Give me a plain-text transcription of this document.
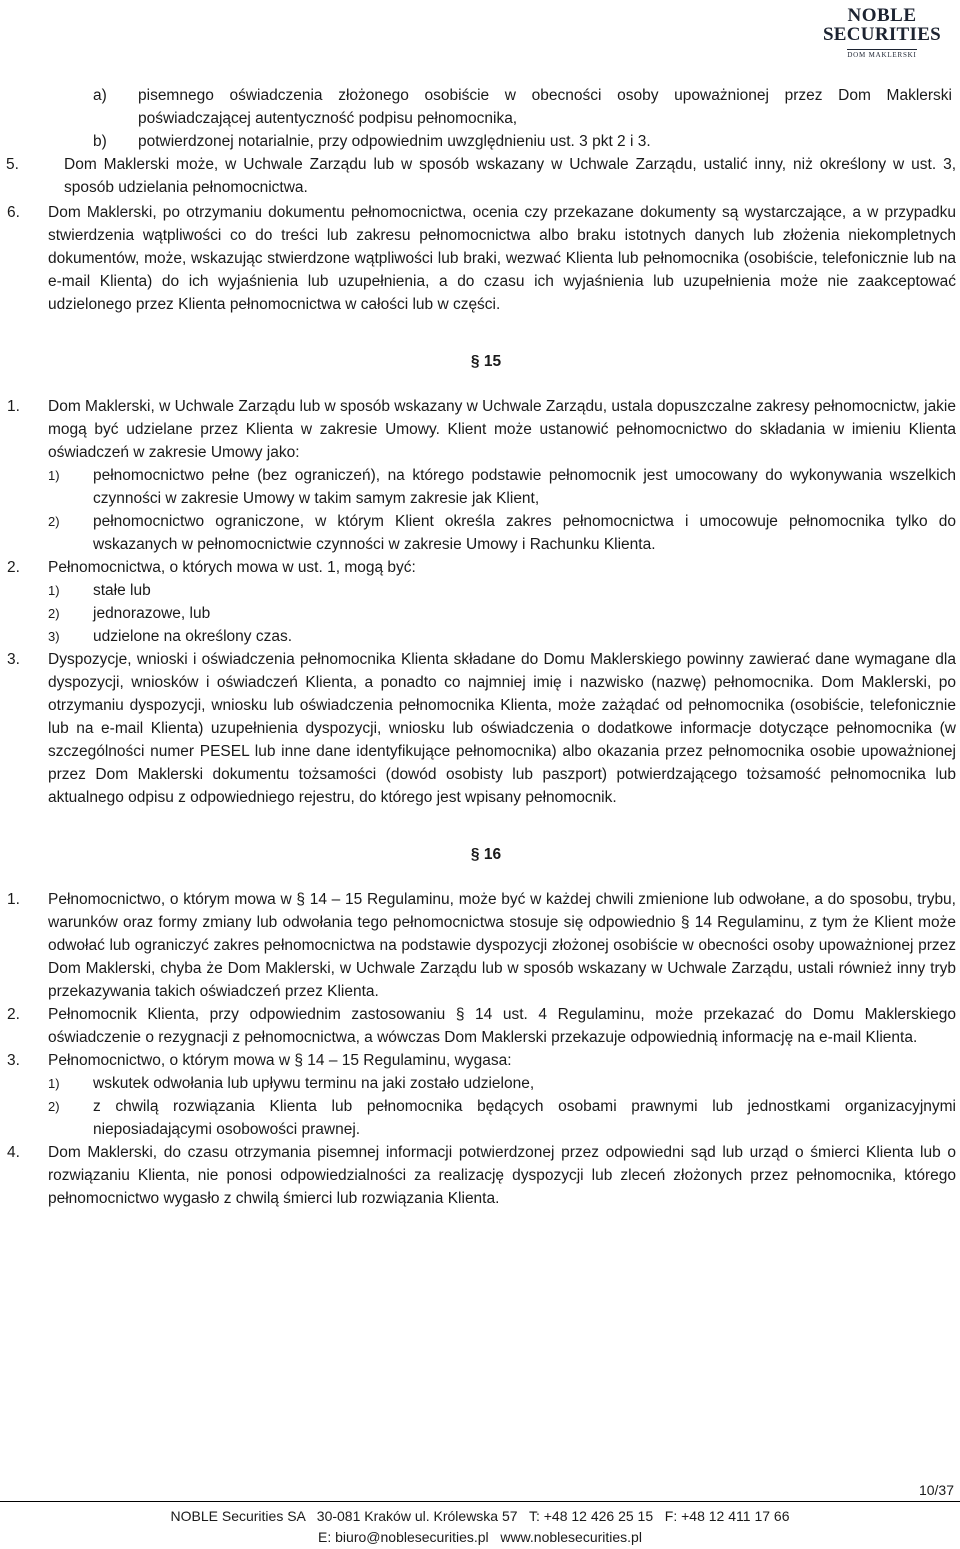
NOBLE
SECURITIES
DOM MAKLERSKI
a) pisemnego oświadczenia złożonego osobiście w obecności osoby upoważnionej przez Dom Maklerski poświadczającej autentyczność podpisu pełnomocnika,
b) potwierdzonej notarialnie, przy odpowiednim uwzględnieniu ust. 3 pkt 2 i 3.
5.	Dom Maklerski może, w Uchwale Zarządu lub w sposób wskazany w Uchwale Zarządu, ustalić inny, niż określony w ust. 3, sposób udzielania pełnomocnictwa.
6. Dom Maklerski, po otrzymaniu dokumentu pełnomocnictwa, ocenia czy przekazane dokumenty są wystarczające, a w przypadku stwierdzenia wątpliwości co do treści lub zakresu pełnomocnictwa albo braku istotnych danych lub złożenia niekompletnych dokumentów, może, wskazując stwierdzone wątpliwości lub braki, wezwać Klienta lub pełnomocnika (osobiście, telefonicznie lub na e-mail Klienta) do ich wyjaśnienia lub uzupełnienia, a do czasu ich wyjaśnienia lub uzupełnienia może nie zaakceptować udzielonego przez Klienta pełnomocnictwa w całości lub w części.
§ 15
1. Dom Maklerski, w Uchwale Zarządu lub w sposób wskazany w Uchwale Zarządu, ustala dopuszczalne zakresy pełnomocnictw, jakie mogą być udzielane przez Klienta w zakresie Umowy. Klient może ustanowić pełnomocnictwo do składania w imieniu Klienta oświadczeń w zakresie Umowy jako:
1) pełnomocnictwo pełne (bez ograniczeń), na którego podstawie pełnomocnik jest umocowany do wykonywania wszelkich czynności w zakresie Umowy w takim samym zakresie jak Klient,
2) pełnomocnictwo ograniczone, w którym Klient określa zakres pełnomocnictwa i umocowuje pełnomocnika tylko do wskazanych w pełnomocnictwie czynności w zakresie Umowy i Rachunku Klienta.
2. Pełnomocnictwa, o których mowa w ust. 1, mogą być:
1) stałe lub
2) jednorazowe, lub
3) udzielone na określony czas.
3. Dyspozycje, wnioski i oświadczenia pełnomocnika Klienta składane do Domu Maklerskiego powinny zawierać dane wymagane dla dyspozycji, wniosków i oświadczeń Klienta, a ponadto co najmniej imię i nazwisko (nazwę) pełnomocnika. Dom Maklerski, po otrzymaniu dyspozycji, wniosku lub oświadczenia pełnomocnika Klienta, może zażądać od pełnomocnika (osobiście, telefonicznie lub na e-mail Klienta) uzupełnienia dyspozycji, wniosku lub oświadczenia o dodatkowe informacje dotyczące pełnomocnika (w szczególności numer PESEL lub inne dane identyfikujące pełnomocnika) albo okazania przez pełnomocnika osobie upoważnionej przez Dom Maklerski dokumentu tożsamości (dowód osobisty lub paszport) potwierdzającego tożsamość pełnomocnika lub aktualnego odpisu z odpowiedniego rejestru, do którego jest wpisany pełnomocnik.
§ 16
1. Pełnomocnictwo, o którym mowa w § 14 – 15 Regulaminu, może być w każdej chwili zmienione lub odwołane, a do sposobu, trybu, warunków oraz formy zmiany lub odwołania tego pełnomocnictwa stosuje się odpowiednio § 14 Regulaminu, z tym że Klient może odwołać lub ograniczyć zakres pełnomocnictwa na podstawie dyspozycji złożonej osobiście w obecności osoby upoważnionej przez Dom Maklerski, chyba że Dom Maklerski, w Uchwale Zarządu lub w sposób wskazany w Uchwale Zarządu, ustali również inny tryb przekazywania takich oświadczeń przez Klienta.
2. Pełnomocnik Klienta, przy odpowiednim zastosowaniu § 14 ust. 4 Regulaminu, może przekazać do Domu Maklerskiego oświadczenie o rezygnacji z pełnomocnictwa, a wówczas Dom Maklerski przekazuje odpowiednią informację na e-mail Klienta.
3. Pełnomocnictwo, o którym mowa w § 14 – 15 Regulaminu, wygasa:
1) wskutek odwołania lub upływu terminu na jaki zostało udzielone,
2) z chwilą rozwiązania Klienta lub pełnomocnika będących osobami prawnymi lub jednostkami organizacyjnymi nieposiadającymi osobowości prawnej.
4. Dom Maklerski, do czasu otrzymania pisemnej informacji potwierdzonej przez odpowiedni sąd lub urząd o śmierci Klienta lub o rozwiązaniu Klienta, nie ponosi odpowiedzialności za realizację dyspozycji lub zleceń złożonych przez pełnomocnika, którego pełnomocnictwo wygasło z chwilą śmierci lub rozwiązania Klienta.
10/37
NOBLE Securities SA   30-081 Kraków ul. Królewska 57   T: +48 12 426 25 15   F: +48 12 411 17 66
E: biuro@noblesecurities.pl   www.noblesecurities.pl
